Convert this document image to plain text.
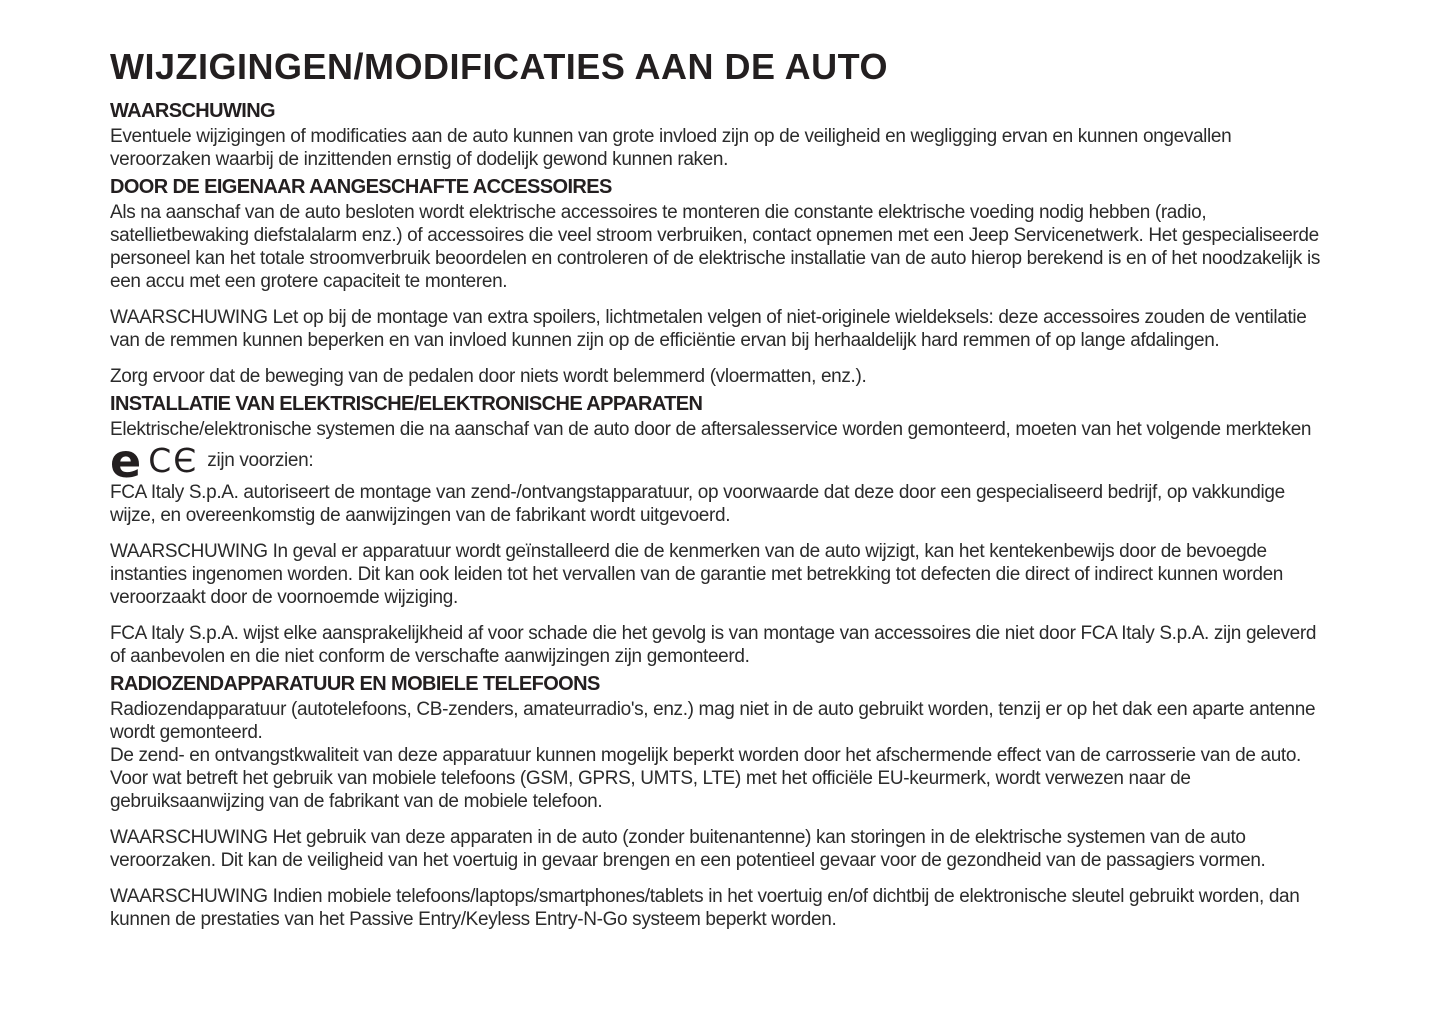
WIJZIGINGEN/MODIFICATIES AAN DE AUTO
WAARSCHUWING

Eventuele wijzigingen of modificaties aan de auto kunnen van grote invloed zijn op de veiligheid en wegligging ervan en kunnen ongevallen veroorzaken waarbij de inzittenden ernstig of dodelijk gewond kunnen raken.

DOOR DE EIGENAAR AANGESCHAFTE ACCESSOIRES

Als na aanschaf van de auto besloten wordt elektrische accessoires te monteren die constante elektrische voeding nodig hebben (radio, satellietbewaking diefstalalarm enz.) of accessoires die veel stroom verbruiken, contact opnemen met een Jeep Servicenetwerk. Het gespecialiseerde personeel kan het totale stroomverbruik beoordelen en controleren of de elektrische installatie van de auto hierop berekend is en of het noodzakelijk is een accu met een grotere capaciteit te monteren.

WAARSCHUWING Let op bij de montage van extra spoilers, lichtmetalen velgen of niet-originele wieldeksels: deze accessoires zouden de ventilatie van de remmen kunnen beperken en van invloed kunnen zijn op de efficiëntie ervan bij herhaaldelijk hard remmen of op lange afdalingen.

Zorg ervoor dat de beweging van de pedalen door niets wordt belemmerd (vloermatten, enz.).

INSTALLATIE VAN ELEKTRISCHE/ELEKTRONISCHE APPARATEN

Elektrische/elektronische systemen die na aanschaf van de auto door de aftersalesservice worden gemonteerd, moeten van het volgende merkteken

e CЄ zijn voorzien:

FCA Italy S.p.A. autoriseert de montage van zend-/ontvangstapparatuur, op voorwaarde dat deze door een gespecialiseerd bedrijf, op vakkundige wijze, en overeenkomstig de aanwijzingen van de fabrikant wordt uitgevoerd.

WAARSCHUWING In geval er apparatuur wordt geïnstalleerd die de kenmerken van de auto wijzigt, kan het kentekenbewijs door de bevoegde instanties ingenomen worden. Dit kan ook leiden tot het vervallen van de garantie met betrekking tot defecten die direct of indirect kunnen worden veroorzaakt door de voornoemde wijziging.

FCA Italy S.p.A. wijst elke aansprakelijkheid af voor schade die het gevolg is van montage van accessoires die niet door FCA Italy S.p.A. zijn geleverd of aanbevolen en die niet conform de verschafte aanwijzingen zijn gemonteerd.

RADIOZENDAPPARATUUR EN MOBIELE TELEFOONS

Radiozendapparatuur (autotelefoons, CB-zenders, amateurradio's, enz.) mag niet in de auto gebruikt worden, tenzij er op het dak een aparte antenne wordt gemonteerd.

De zend- en ontvangstkwaliteit van deze apparatuur kunnen mogelijk beperkt worden door het afschermende effect van de carrosserie van de auto. Voor wat betreft het gebruik van mobiele telefoons (GSM, GPRS, UMTS, LTE) met het officiële EU-keurmerk, wordt verwezen naar de gebruiksaanwijzing van de fabrikant van de mobiele telefoon.

WAARSCHUWING Het gebruik van deze apparaten in de auto (zonder buitenantenne) kan storingen in de elektrische systemen van de auto veroorzaken. Dit kan de veiligheid van het voertuig in gevaar brengen en een potentieel gevaar voor de gezondheid van de passagiers vormen.

WAARSCHUWING Indien mobiele telefoons/laptops/smartphones/tablets in het voertuig en/of dichtbij de elektronische sleutel gebruikt worden, dan kunnen de prestaties van het Passive Entry/Keyless Entry-N-Go systeem beperkt worden.
